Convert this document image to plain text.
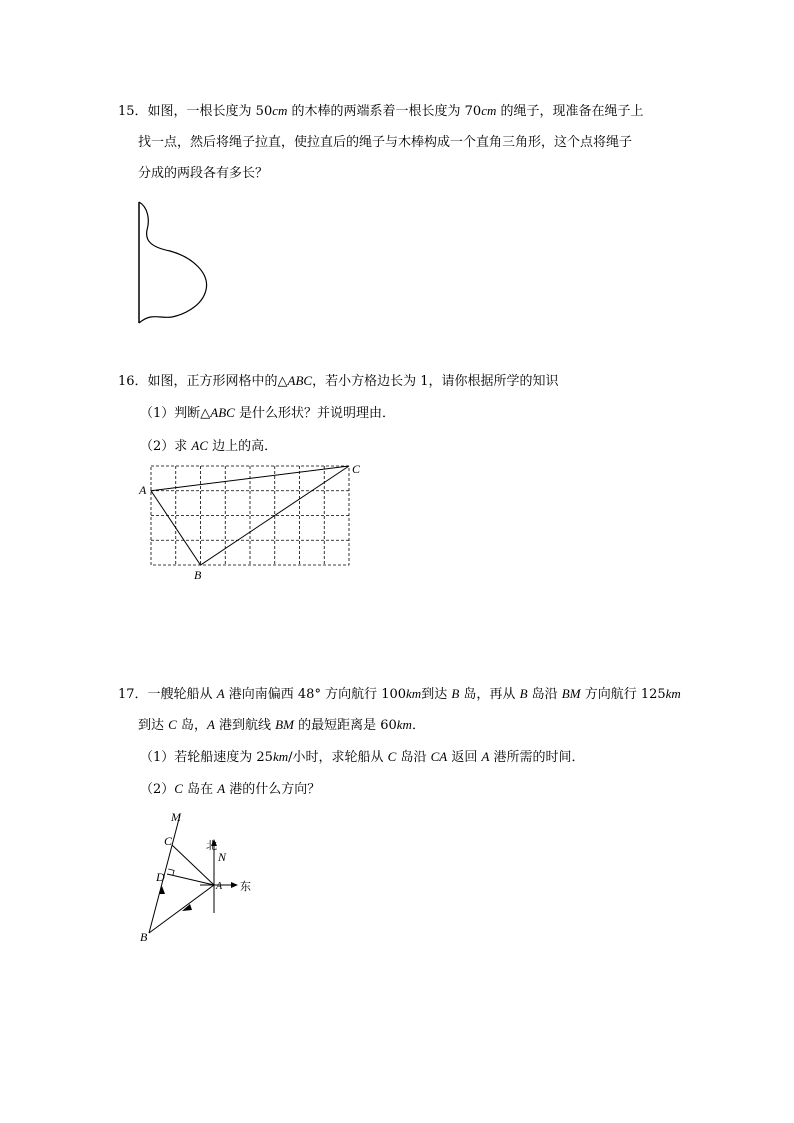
15．如图，一根长度为 50cm 的木棒的两端系着一根长度为 70cm 的绳子，现准备在绳子上
找一点，然后将绳子拉直，使拉直后的绳子与木棒构成一个直角三角形，这个点将绳子
分成的两段各有多长？
16．如图，正方形网格中的△ABC，若小方格边长为 1，请你根据所学的知识
（1）判断△ABC 是什么形状？并说明理由．
（2）求 AC 边上的高．
A
C
B
17．一艘轮船从 A 港向南偏西 48° 方向航行 100km到达 B 岛，再从 B 岛沿 BM 方向航行 125km
到达 C 岛，A 港到航线 BM 的最短距离是 60km．
（1）若轮船速度为 25km/小时，求轮船从 C 岛沿 CA 返回 A 港所需的时间．
（2）C 岛在 A 港的什么方向？
M
C
D
N
A
B
北
东
